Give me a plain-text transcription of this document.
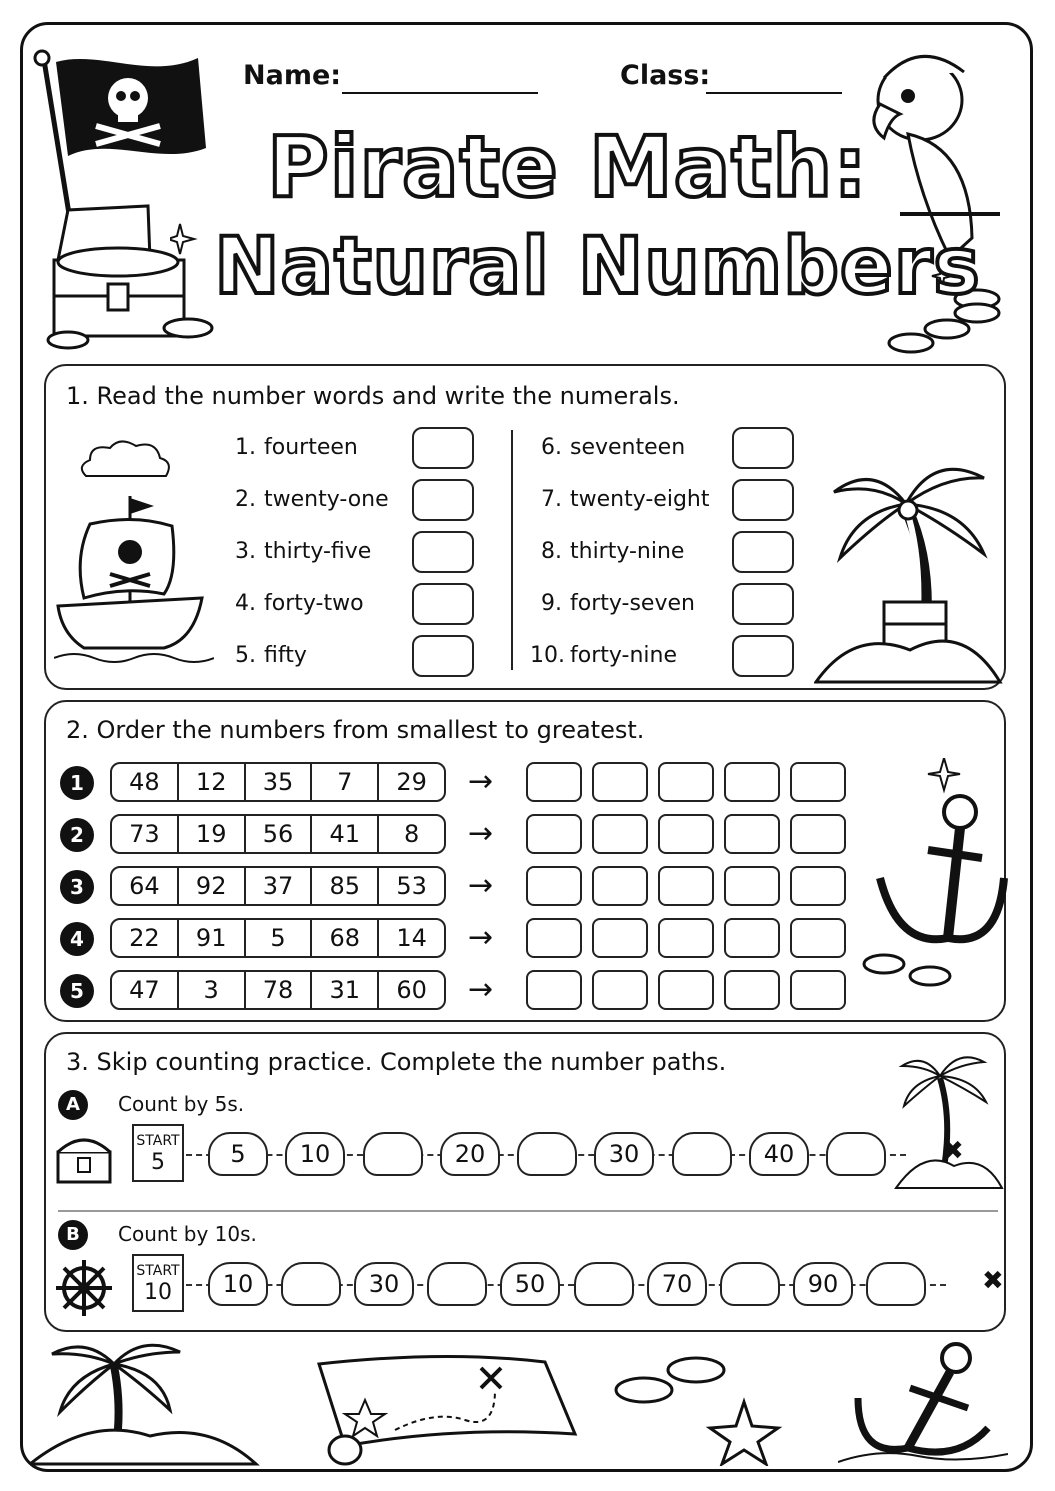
Name:	Class:
Pirate Math:
Natural Numbers
1. Read the number words and write the numerals.
1. fourteen
2. twenty-one
3. thirty-five
4. forty-two
5. fifty
6. seventeen
7. twenty-eight
8. thirty-nine
9. forty-seven
10. forty-nine
2. Order the numbers from smallest to greatest.
1	48	12	35	7	29	→
2	73	19	56	41	8	→
3	64	92	37	85	53	→
4	22	91	5	68	14	→
5	47	3	78	31	60	→
3. Skip counting practice. Complete the number paths.
A	Count by 5s.
START
5	5	10	20	30	40	✖
B	Count by 10s.
START
10	10	30	50	70	90	✖
